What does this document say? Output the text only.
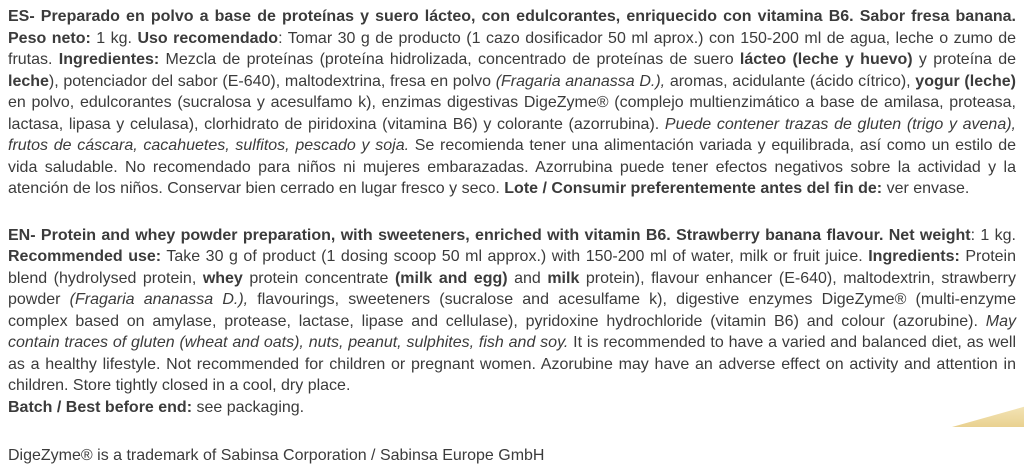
ES- Preparado en polvo a base de proteínas y suero lácteo, con edulcorantes, enriquecido con vitamina B6. Sabor fresa banana. Peso neto: 1 kg. Uso recomendado: Tomar 30 g de producto (1 cazo dosificador 50 ml aprox.) con 150-200 ml de agua, leche o zumo de frutas. Ingredientes: Mezcla de proteínas (proteína hidrolizada, concentrado de proteínas de suero lácteo (leche y huevo) y proteína de leche), potenciador del sabor (E-640), maltodextrina, fresa en polvo (Fragaria ananassa D.), aromas, acidulante (ácido cítrico), yogur (leche) en polvo, edulcorantes (sucralosa y acesulfamo k), enzimas digestivas DigeZyme® (complejo multienzimático a base de amilasa, proteasa, lactasa, lipasa y celulasa), clorhidrato de piridoxina (vitamina B6) y colorante (azorrubina). Puede contener trazas de gluten (trigo y avena), frutos de cáscara, cacahuetes, sulfitos, pescado y soja. Se recomienda tener una alimentación variada y equilibrada, así como un estilo de vida saludable. No recomendado para niños ni mujeres embarazadas. Azorrubina puede tener efectos negativos sobre la actividad y la atención de los niños. Conservar bien cerrado en lugar fresco y seco. Lote / Consumir preferentemente antes del fin de: ver envase.

EN- Protein and whey powder preparation, with sweeteners, enriched with vitamin B6. Strawberry banana flavour. Net weight: 1 kg. Recommended use: Take 30 g of product (1 dosing scoop 50 ml approx.) with 150-200 ml of water, milk or fruit juice. Ingredients: Protein blend (hydrolysed protein, whey protein concentrate (milk and egg) and milk protein), flavour enhancer (E-640), maltodextrin, strawberry powder (Fragaria ananassa D.), flavourings, sweeteners (sucralose and acesulfame k), digestive enzymes DigeZyme® (multi-enzyme complex based on amylase, protease, lactase, lipase and cellulase), pyridoxine hydrochloride (vitamin B6) and colour (azorubine). May contain traces of gluten (wheat and oats), nuts, peanut, sulphites, fish and soy. It is recommended to have a varied and balanced diet, as well as a healthy lifestyle. Not recommended for children or pregnant women. Azorubine may have an adverse effect on activity and attention in children. Store tightly closed in a cool, dry place.

Batch / Best before end: see packaging.

DigeZyme® is a trademark of Sabinsa Corporation / Sabinsa Europe GmbH
